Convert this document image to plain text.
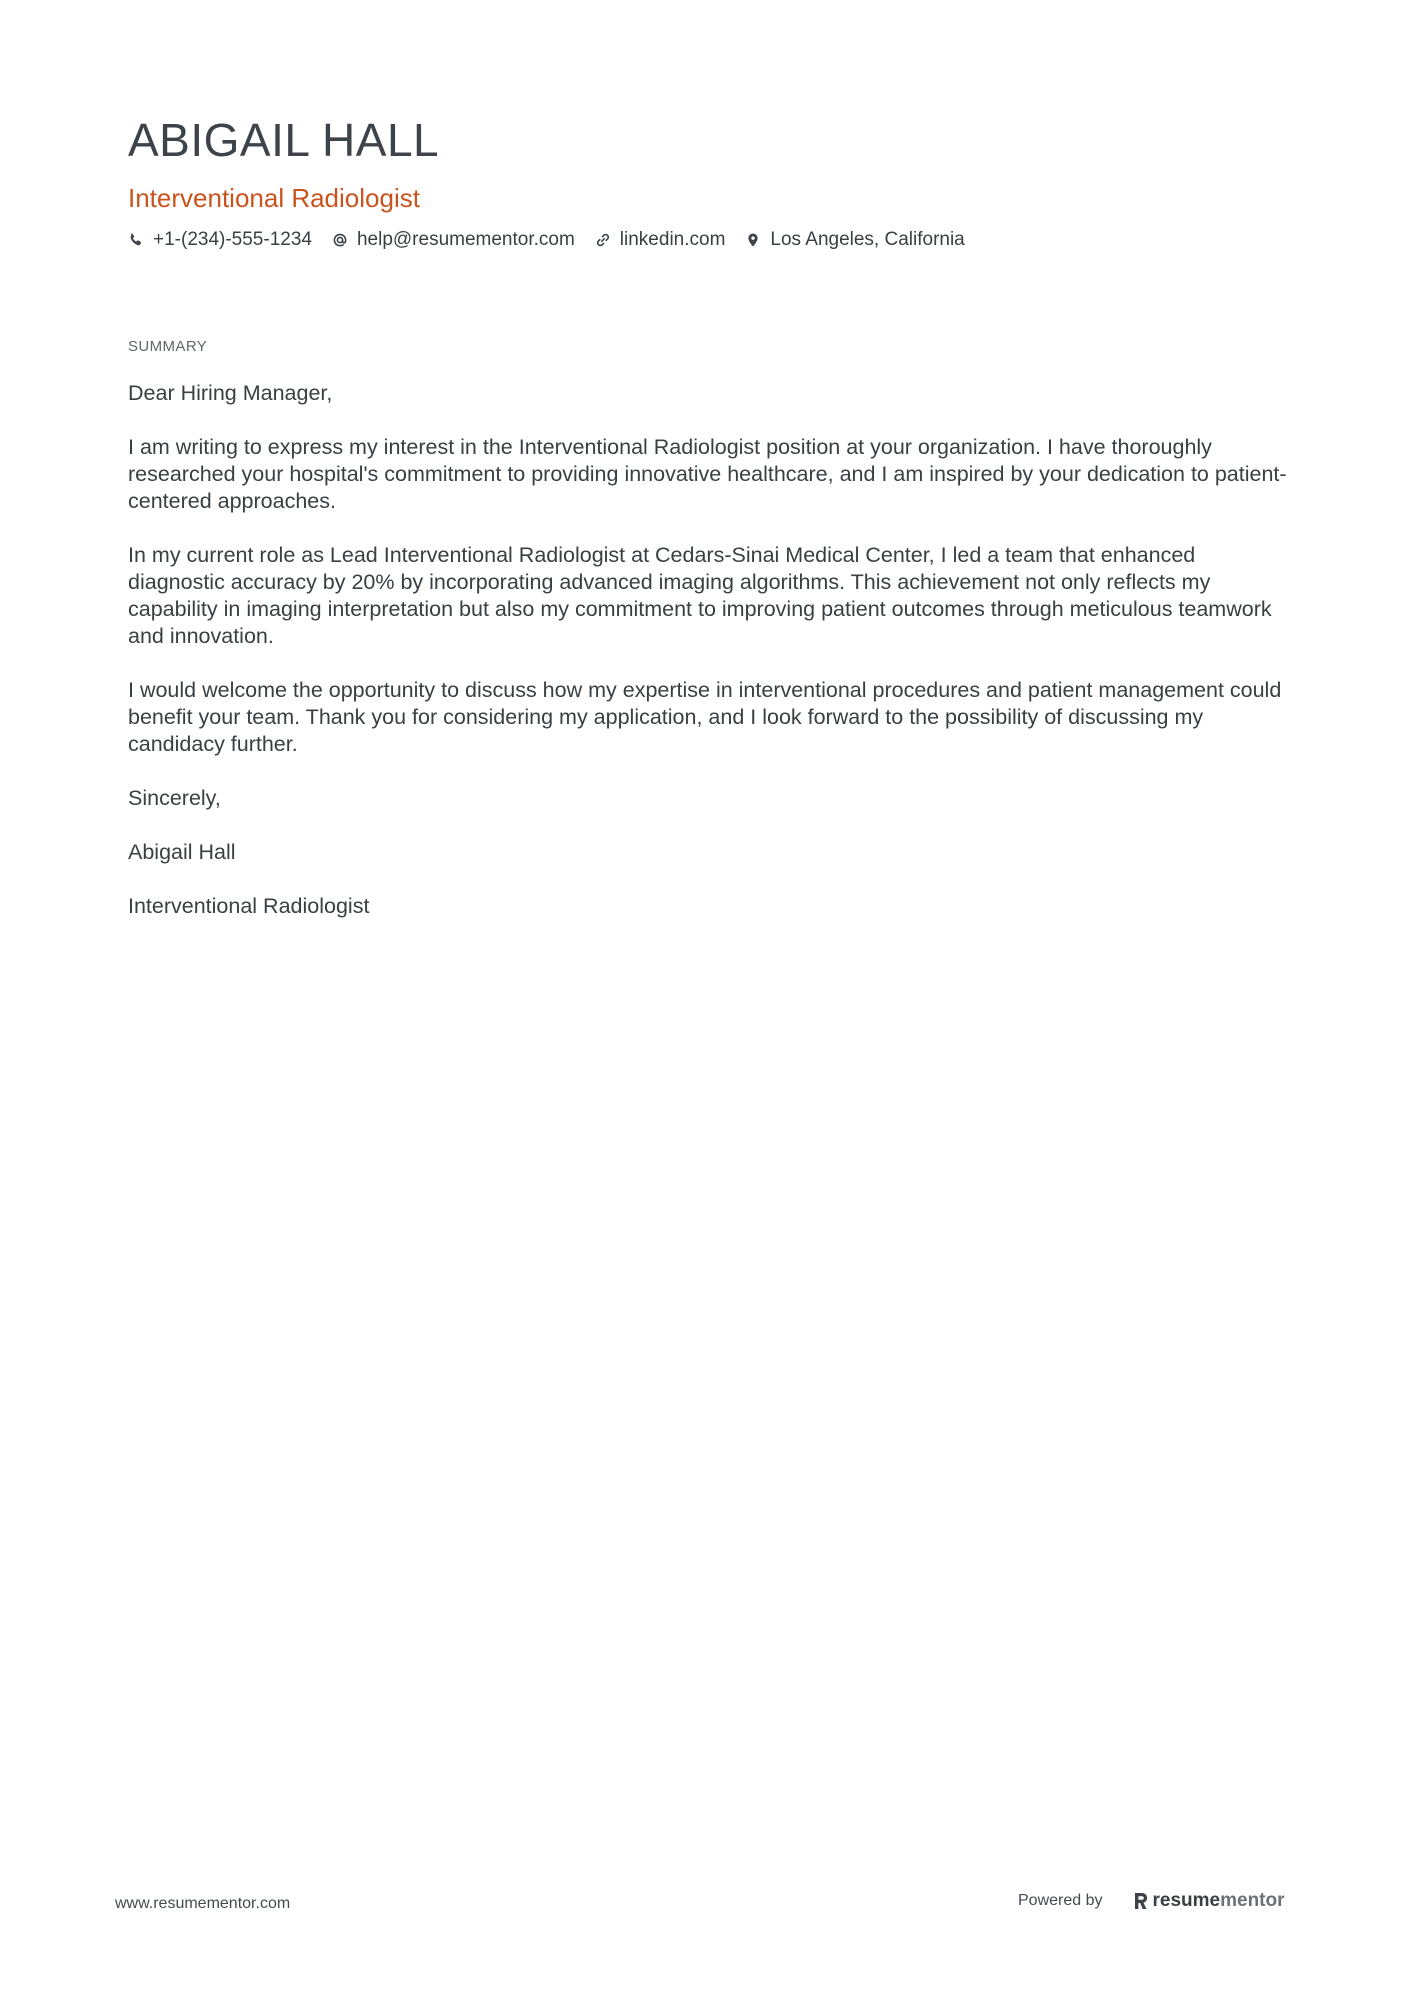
ABIGAIL HALL
Interventional Radiologist
+1-(234)-555-1234 help@resumementor.com linkedin.com Los Angeles, California
SUMMARY

Dear Hiring Manager,

I am writing to express my interest in the Interventional Radiologist position at your organization. I have thoroughly researched your hospital's commitment to providing innovative healthcare, and I am inspired by your dedication to patient-centered approaches.

In my current role as Lead Interventional Radiologist at Cedars-Sinai Medical Center, I led a team that enhanced diagnostic accuracy by 20% by incorporating advanced imaging algorithms. This achievement not only reflects my capability in imaging interpretation but also my commitment to improving patient outcomes through meticulous teamwork and innovation.

I would welcome the opportunity to discuss how my expertise in interventional procedures and patient management could benefit your team. Thank you for considering my application, and I look forward to the possibility of discussing my candidacy further.

Sincerely,

Abigail Hall

Interventional Radiologist

www.resumementor.com	Powered by	resume mentor
